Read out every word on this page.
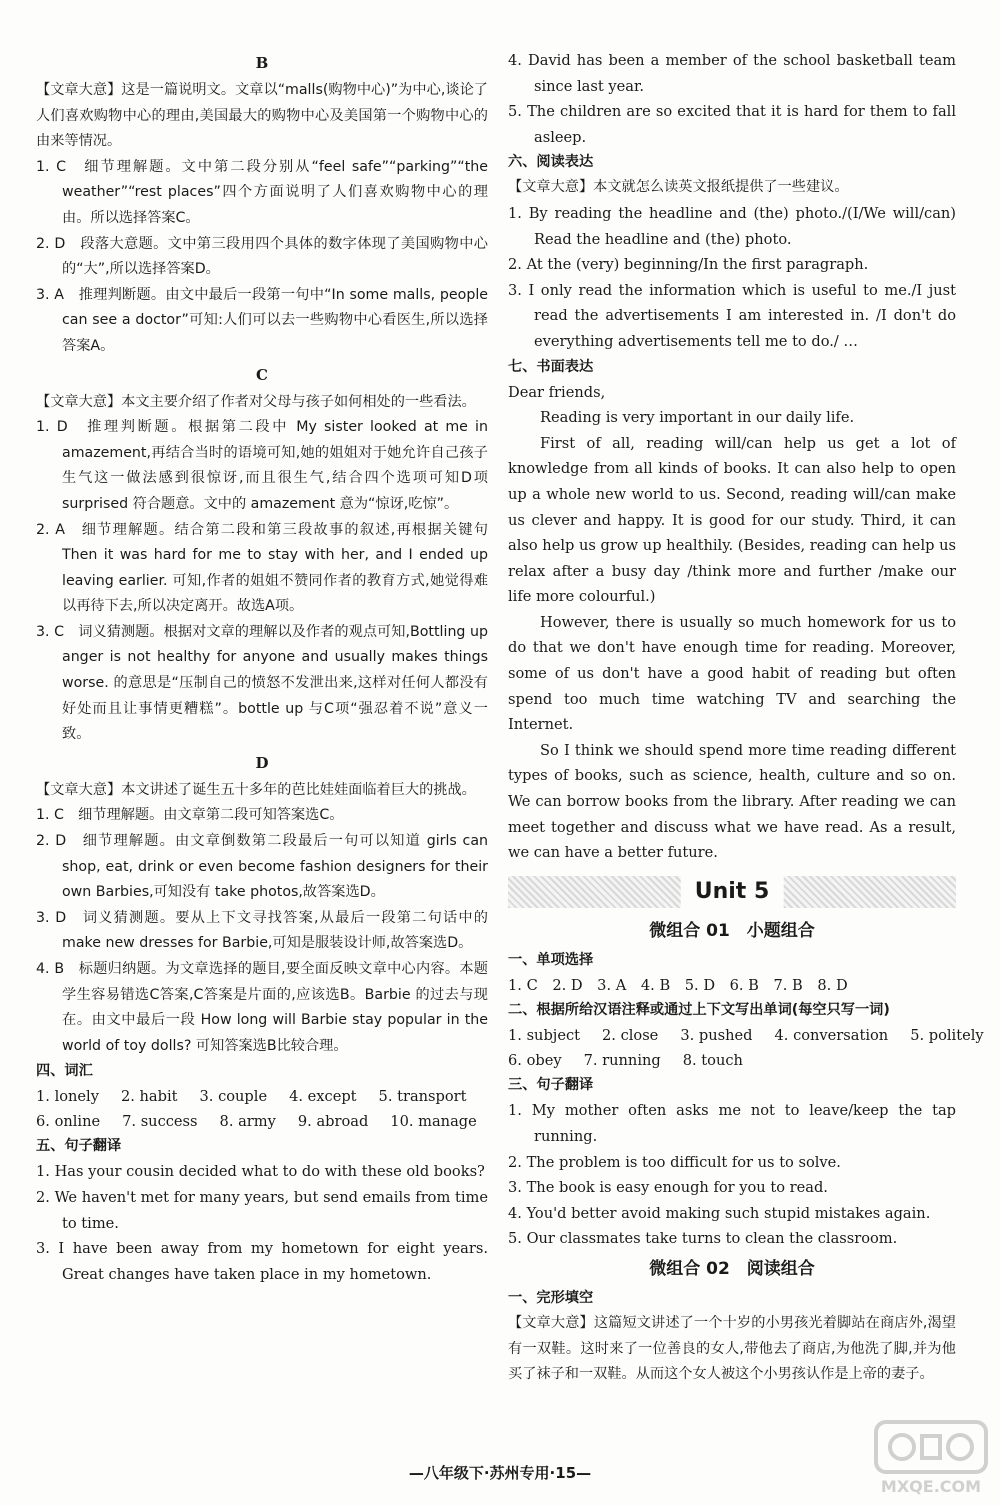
B

【文章大意】这是一篇说明文。文章以“malls(购物中心)”为中心,谈论了人们喜欢购物中心的理由,美国最大的购物中心及美国第一个购物中心的由来等情况。

1. C　细节理解题。文中第二段分别从“feel safe”“parking”“the weather”“rest places”四个方面说明了人们喜欢购物中心的理由。所以选择答案C。

2. D　段落大意题。文中第三段用四个具体的数字体现了美国购物中心的“大”,所以选择答案D。

3. A　推理判断题。由文中最后一段第一句中“In some malls, people can see a doctor”可知:人们可以去一些购物中心看医生,所以选择答案A。

C

【文章大意】本文主要介绍了作者对父母与孩子如何相处的一些看法。

1. D　推理判断题。根据第二段中 My sister looked at me in amazement,再结合当时的语境可知,她的姐姐对于她允许自己孩子生气这一做法感到很惊讶,而且很生气,结合四个选项可知D项 surprised 符合题意。文中的 amazement 意为“惊讶,吃惊”。

2. A　细节理解题。结合第二段和第三段故事的叙述,再根据关键句 Then it was hard for me to stay with her, and I ended up leaving earlier. 可知,作者的姐姐不赞同作者的教育方式,她觉得难以再待下去,所以决定离开。故选A项。

3. C　词义猜测题。根据对文章的理解以及作者的观点可知,Bottling up anger is not healthy for anyone and usually makes things worse. 的意思是“压制自己的愤怒不发泄出来,这样对任何人都没有好处而且让事情更糟糕”。bottle up 与C项“强忍着不说”意义一致。

D

【文章大意】本文讲述了诞生五十多年的芭比娃娃面临着巨大的挑战。

1. C　细节理解题。由文章第二段可知答案选C。

2. D　细节理解题。由文章倒数第二段最后一句可以知道 girls can shop, eat, drink or even become fashion designers for their own Barbies,可知没有 take photos,故答案选D。

3. D　词义猜测题。要从上下文寻找答案,从最后一段第二句话中的 make new dresses for Barbie,可知是服装设计师,故答案选D。

4. B　标题归纳题。为文章选择的题目,要全面反映文章中心内容。本题学生容易错选C答案,C答案是片面的,应该选B。Barbie 的过去与现在。由文中最后一段 How long will Barbie stay popular in the world of toy dolls? 可知答案选B比较合理。

四、词汇
1. lonely 2. habit 3. couple 4. except 5. transport
6. online 7. success 8. army 9. abroad 10. manage
五、句子翻译

1. Has your cousin decided what to do with these old books?

2. We haven't met for many years, but send emails from time to time.

3. I have been away from my hometown for eight years. Great changes have taken place in my hometown.

4. David has been a member of the school basketball team since last year.

5. The children are so excited that it is hard for them to fall asleep.

六、阅读表达

【文章大意】本文就怎么读英文报纸提供了一些建议。

1. By reading the headline and (the) photo./(I/We will/can) Read the headline and (the) photo.

2. At the (very) beginning/In the first paragraph.

3. I only read the information which is useful to me./I just read the advertisements I am interested in. /I don't do everything advertisements tell me to do./ …

七、书面表达

Dear friends,

Reading is very important in our daily life.

First of all, reading will/can help us get a lot of knowledge from all kinds of books. It can also help to open up a whole new world to us. Second, reading will/can make us clever and happy. It is good for our study. Third, it can also help us grow up healthily. (Besides, reading can help us relax after a busy day /think more and further /make our life more colourful.)

However, there is usually so much homework for us to do that we don't have enough time for reading. Moreover, some of us don't have a good habit of reading but often spend too much time watching TV and searching the Internet.

So I think we should spend more time reading different types of books, such as science, health, culture and so on. We can borrow books from the library. After reading we can meet together and discuss what we have read. As a result, we can have a better future.

Unit 5
微组合 01　小题组合
一、单项选择

1. C　2. D　3. A　4. B　5. D　6. B　7. B　8. D

二、根据所给汉语注释或通过上下文写出单词(每空只写一词)
1. subject 2. close 3. pushed 4. conversation 5. politely
6. obey 7. running 8. touch
三、句子翻译

1. My mother often asks me not to leave/keep the tap running.

2. The problem is too difficult for us to solve.

3. The book is easy enough for you to read.

4. You'd better avoid making such stupid mistakes again.

5. Our classmates take turns to clean the classroom.

微组合 02　阅读组合
一、完形填空

【文章大意】这篇短文讲述了一个十岁的小男孩光着脚站在商店外,渴望有一双鞋。这时来了一位善良的女人,带他去了商店,为他洗了脚,并为他买了袜子和一双鞋。从而这个女人被这个小男孩认作是上帝的妻子。

—八年级下·苏州专用·15—
MXQE.COM
